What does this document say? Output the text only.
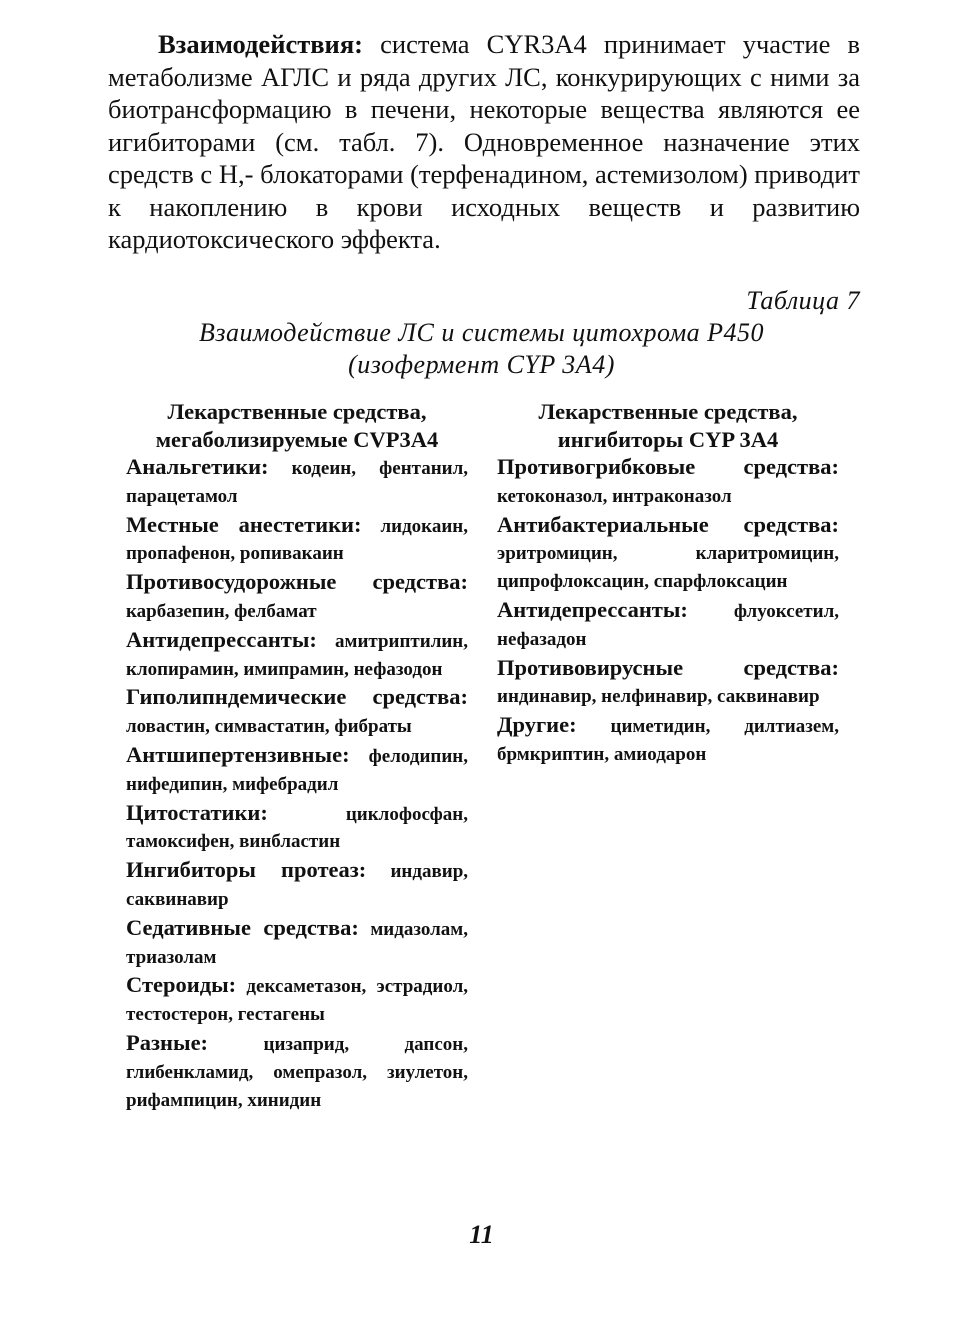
Взаимодействия: система CYR3A4 принимает участие в метаболизме АГЛС и ряда других ЛС, конкурирующих с ними за биотрансформацию в печени, некоторые вещества являются ее игибиторами (см. табл. 7). Одновременное назначение этих средств с Н,- блокаторами (терфенадином, астемизолом) приводит к накоплению в крови исходных веществ и развитию кардиотоксического эффекта.

Таблица 7
Взаимодействие ЛС и системы цитохрома Р450
(изофермент CYP 3A4)
Лекарственные средства,
мегаболизируемые CVP3A4

Анальгетики: кодеин, фентанил, парацетамол

Местные анестетики: лидокаин, пропафенон, ропивакаин

Противосудорожные средства: карбазепин, фелбамат

Антидепрессанты: амитриптилин, клопирамин, имипрамин, нефазодон

Гиполипндемические средства: ловастин, симвастатин, фибраты

Антшипертензивные: фелодипин, нифедипин, мифебрадил

Цитостатики:	циклофосфан, тамоксифен, винбластин

Ингибиторы протеаз: индавир, саквинавир

Седативные средства: мидазолам, триазолам

Стероиды: дексаметазон, эстрадиол, тестостерон, гестагены

Разные:	цизаприд, дапсон, глибенкламид, омепразол, зиулетон, рифампицин, хинидин

Лекарственные средства,
ингибиторы CYP 3A4

Противогрибковые средства: кетоконазол, интраконазол

Антибактериальные средства: эритромицин, кларитромицин, ципрофлоксацин, спарфлоксацин

Антидепрессанты: флуоксетил, нефазадон

Противовирусные средства: индинавир, нелфинавир, саквинавир

Другие: циметидин, дилтиазем, брмкриптин, амиодарон

11
